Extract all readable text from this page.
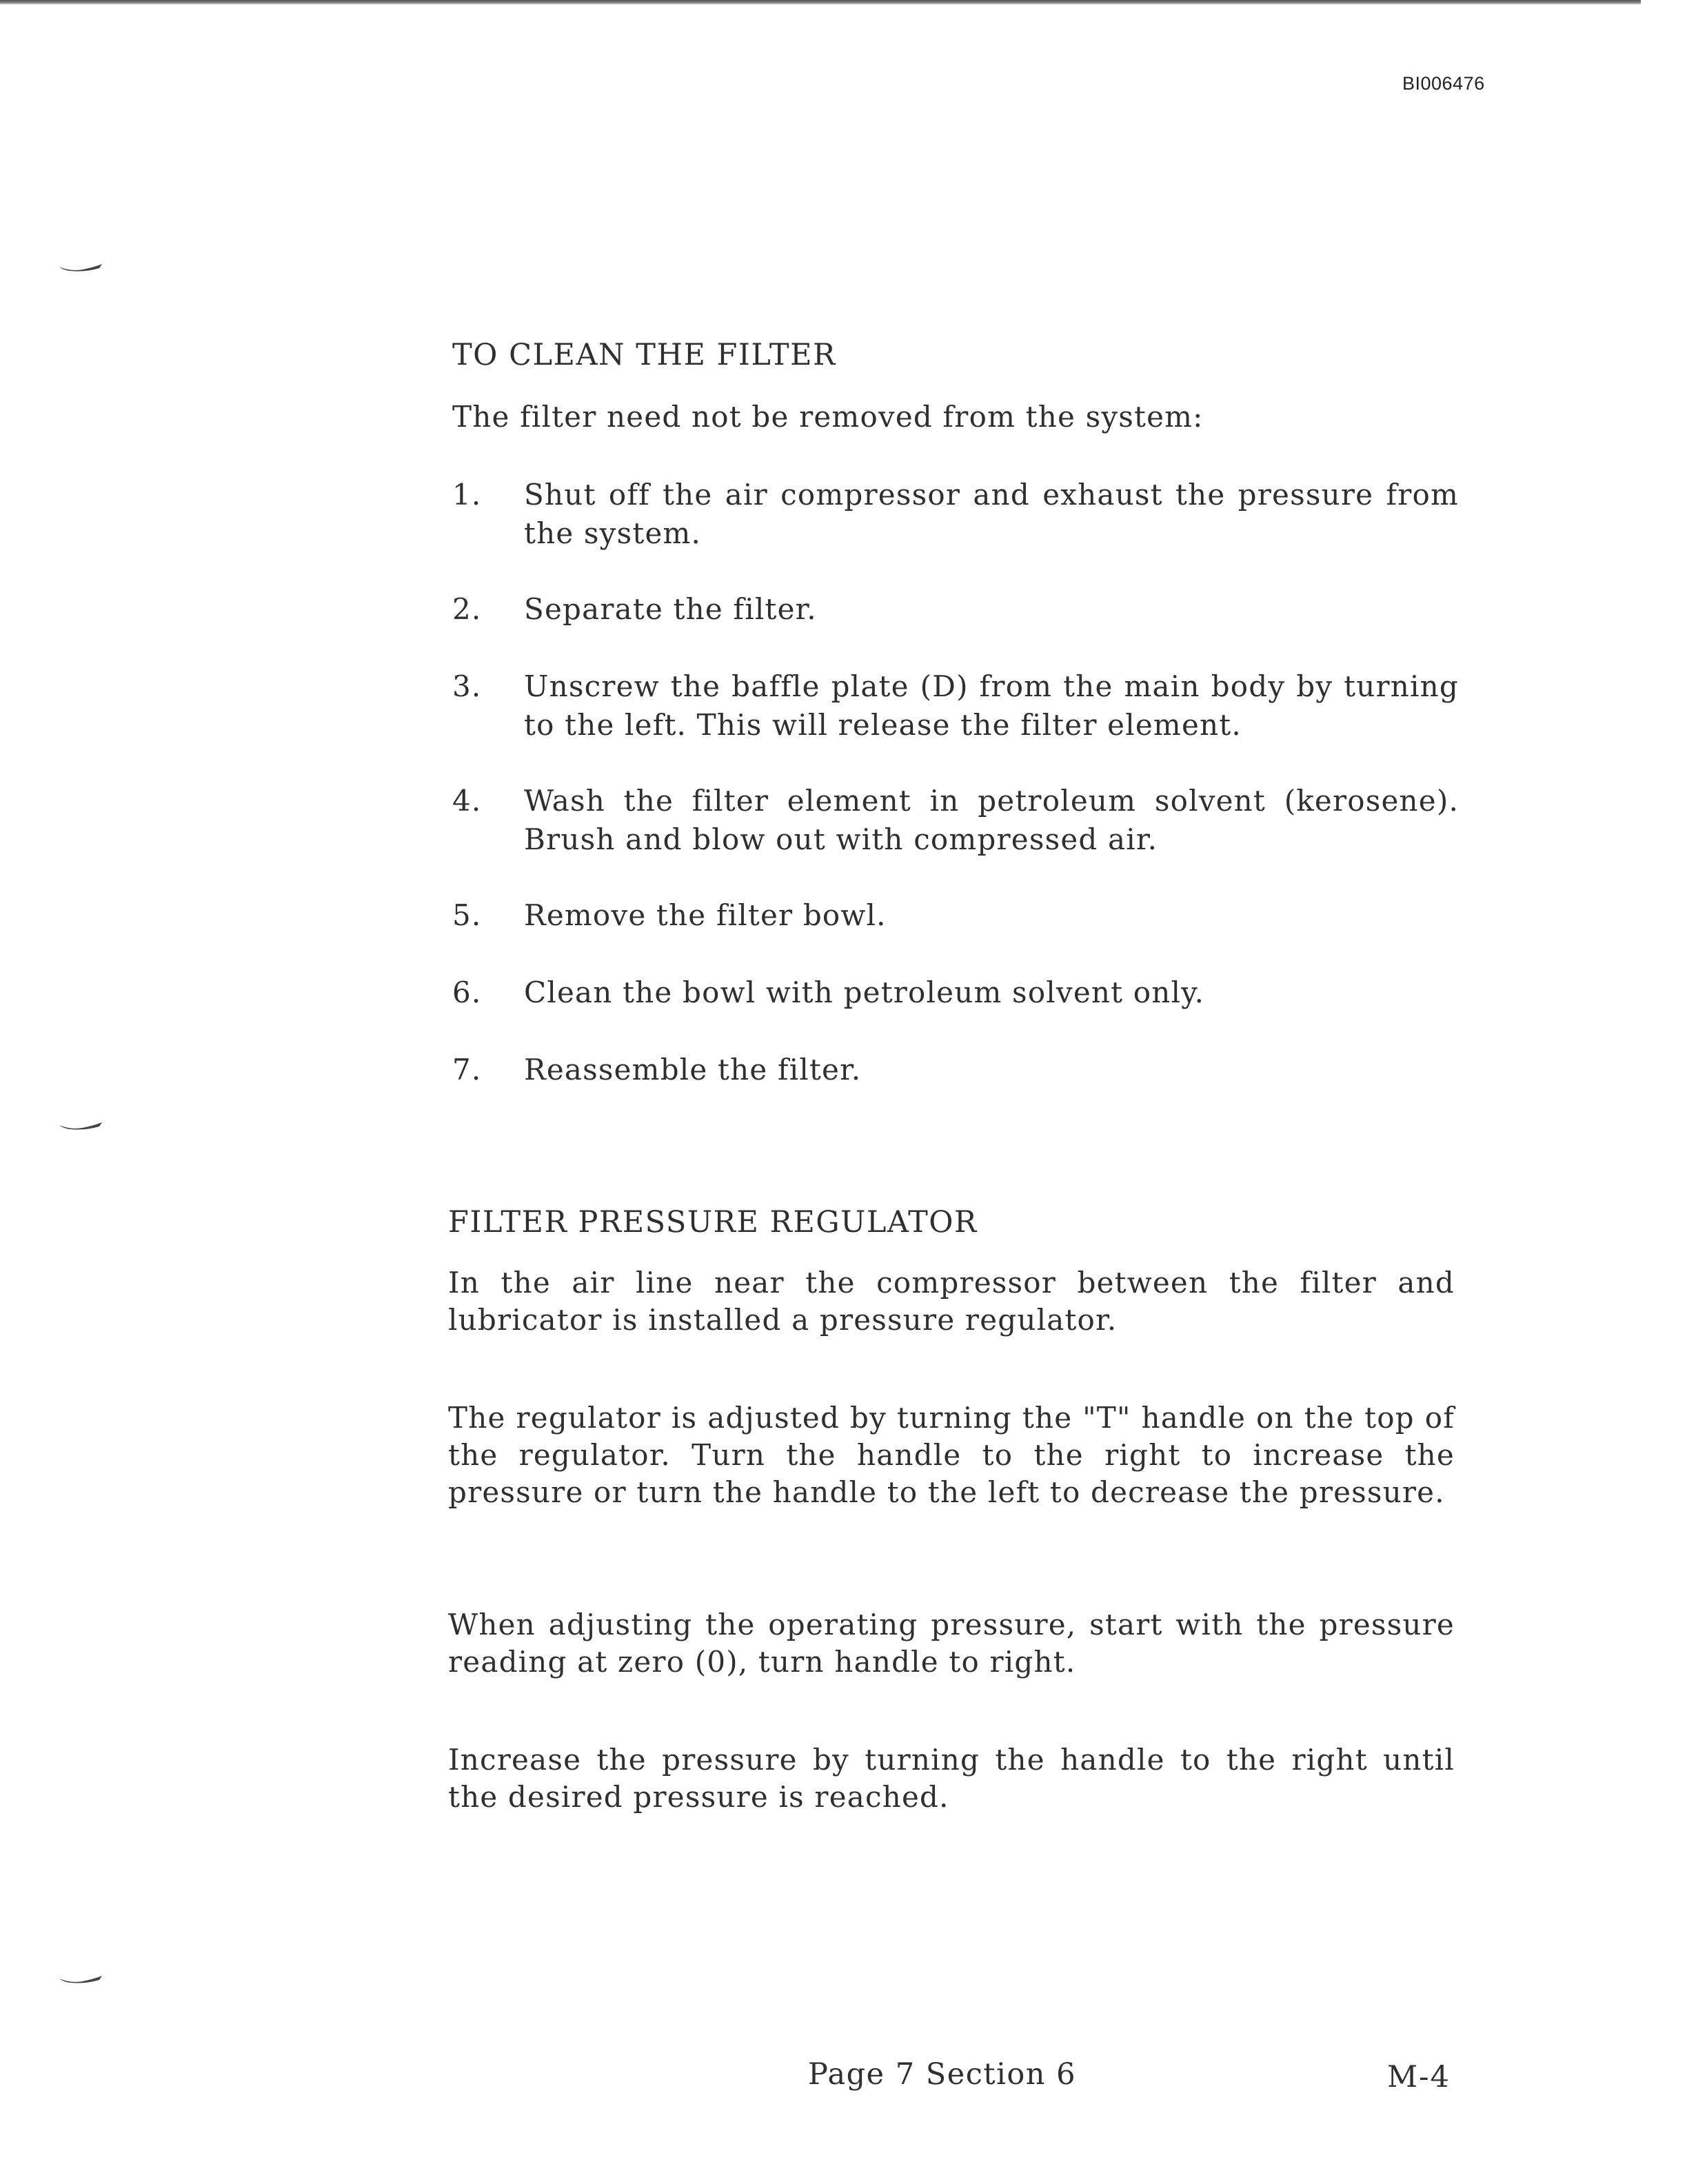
BI006476
TO CLEAN THE FILTER
The filter need not be removed from the system:
1.	Shut off the air compressor and exhaust the pressure from the system.
2.	Separate the filter.
3.	Unscrew the baffle plate (D) from the main body by turning to the left. This will release the filter element.
4.	Wash the filter element in petroleum solvent (kerosene). Brush and blow out with compressed air.
5.	Remove the filter bowl.
6.	Clean the bowl with petroleum solvent only.
7.	Reassemble the filter.
FILTER PRESSURE REGULATOR
In the air line near the compressor between the filter and lubricator is installed a pressure regulator.
The regulator is adjusted by turning the "T" handle on the top of the regulator. Turn the handle to the right to increase the pressure or turn the handle to the left to decrease the pressure.
When adjusting the operating pressure, start with the pressure reading at zero (0), turn handle to right.
Increase the pressure by turning the handle to the right until the desired pressure is reached.
Page 7 Section 6	M-4
